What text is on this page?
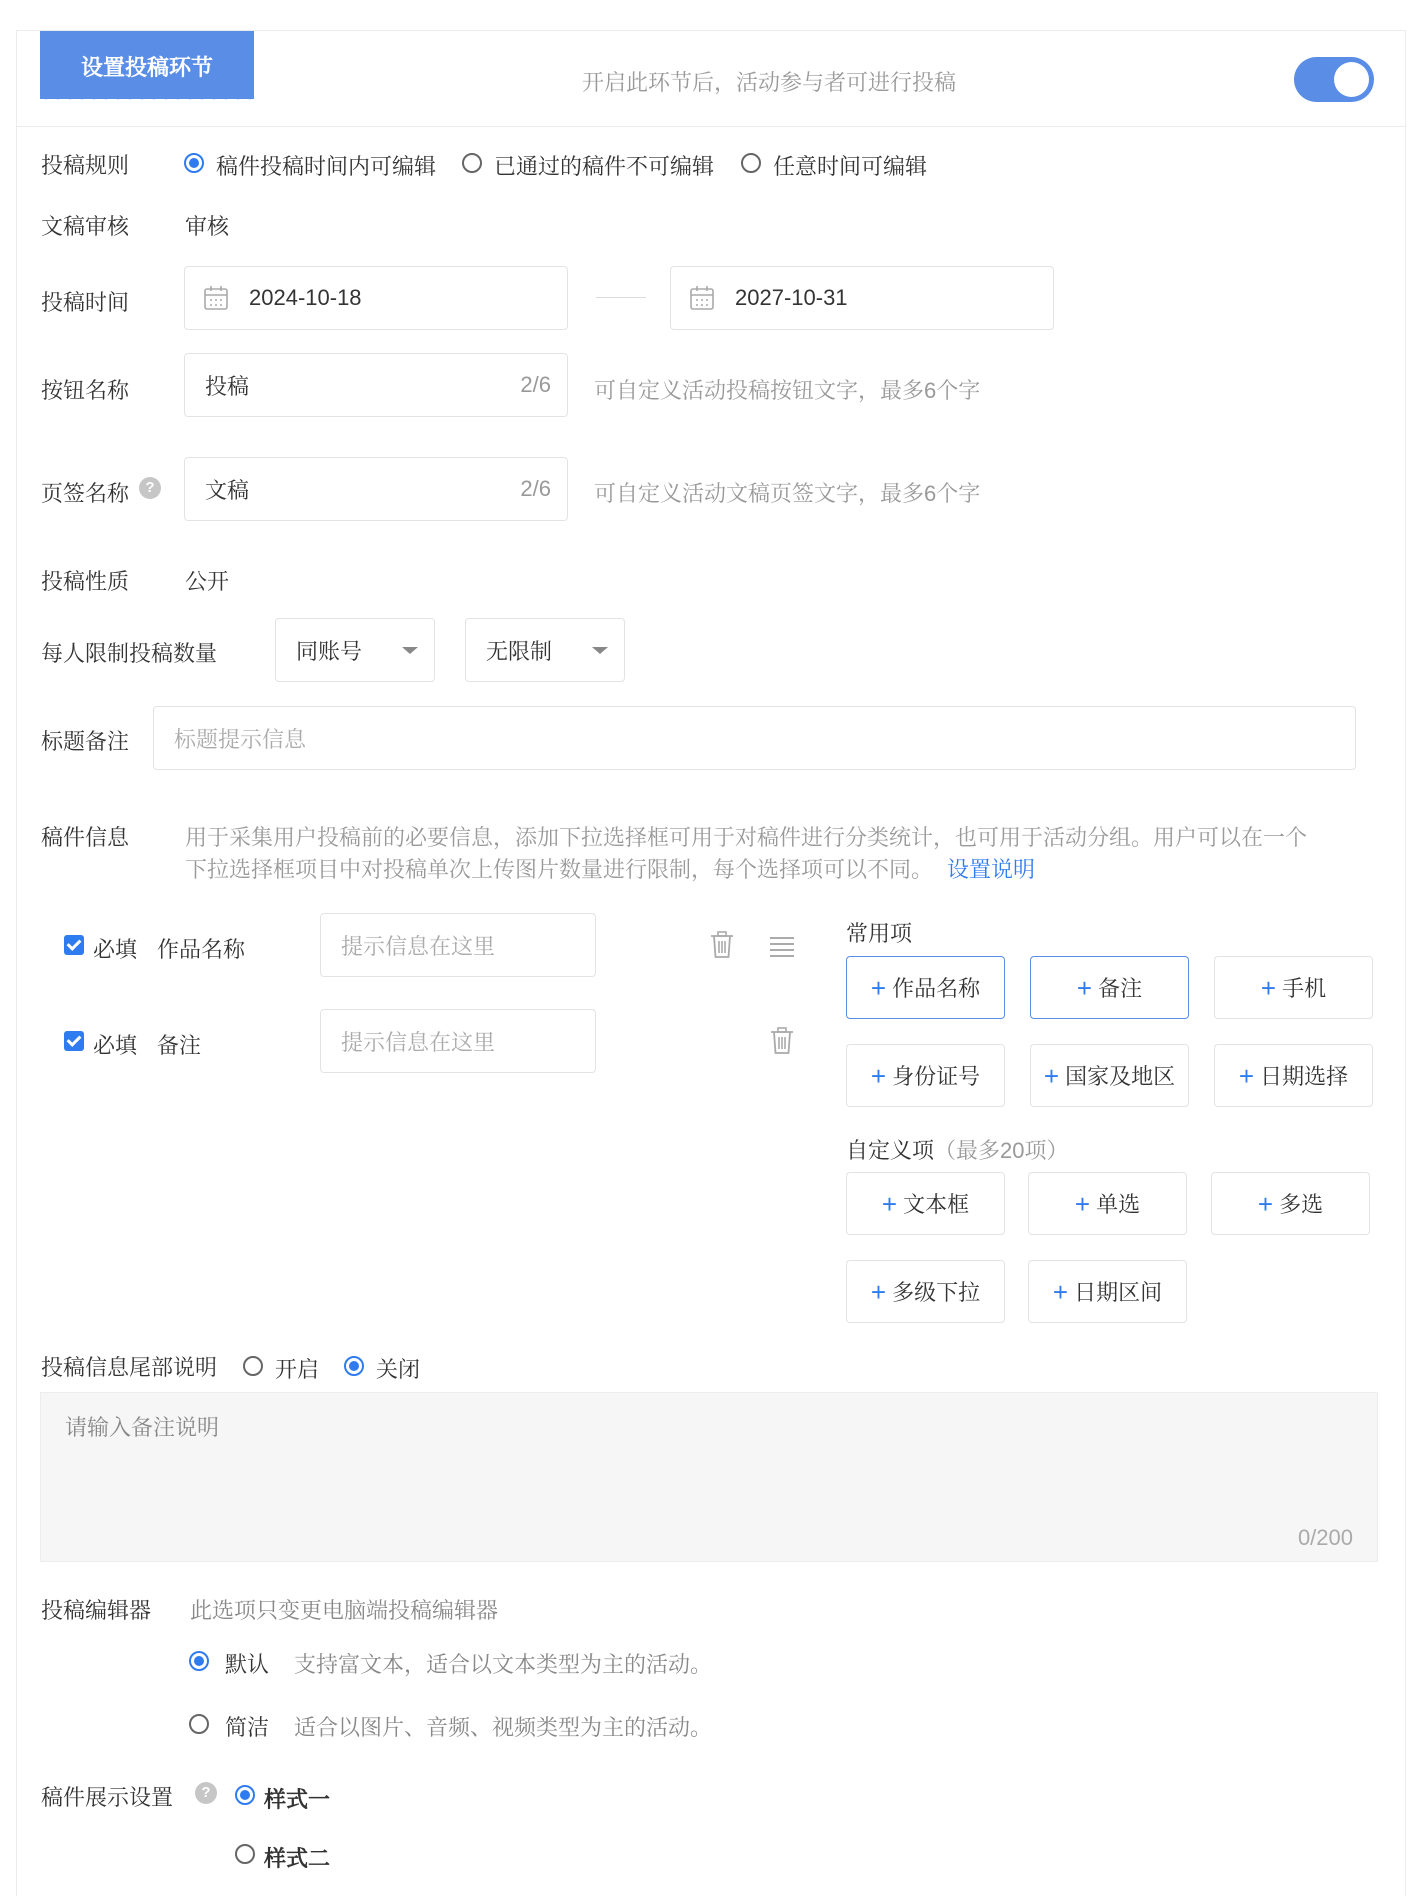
设置投稿环节
开启此环节后，活动参与者可进行投稿
投稿规则	稿件投稿时间内可编辑	已通过的稿件不可编辑	任意时间可编辑
文稿审核	审核
投稿时间	2024-10-18	2027-10-31
按钮名称	投稿	2/6 可自定义活动投稿按钮文字，最多6个字
页签名称	? 文稿	2/6 可自定义活动文稿页签文字，最多6个字
投稿性质	公开
每人限制投稿数量	同账号	无限制
标题备注 标题提示信息
稿件信息	用于采集用户投稿前的必要信息，添加下拉选择框可用于对稿件进行分类统计，也可用于活动分组。用户可以在一个
下拉选择框项目中对投稿单次上传图片数量进行限制，每个选择项可以不同。 设置说明
必填 作品名称	提示信息在这里
必填 备注	提示信息在这里
常用项
+ 作品名称	+ 备注	+ 手机
+ 身份证号 + 国家及地区 + 日期选择
自定义项（最多20项）
+ 文本框	+ 单选	+ 多选
+ 多级下拉	+ 日期区间
投稿信息尾部说明	开启	关闭
请输入备注说明
0/200
投稿编辑器 此选项只变更电脑端投稿编辑器
默认 支持富文本，适合以文本类型为主的活动。
简洁 适合以图片、音频、视频类型为主的活动。
稿件展示设置	? 样式一
样式二
